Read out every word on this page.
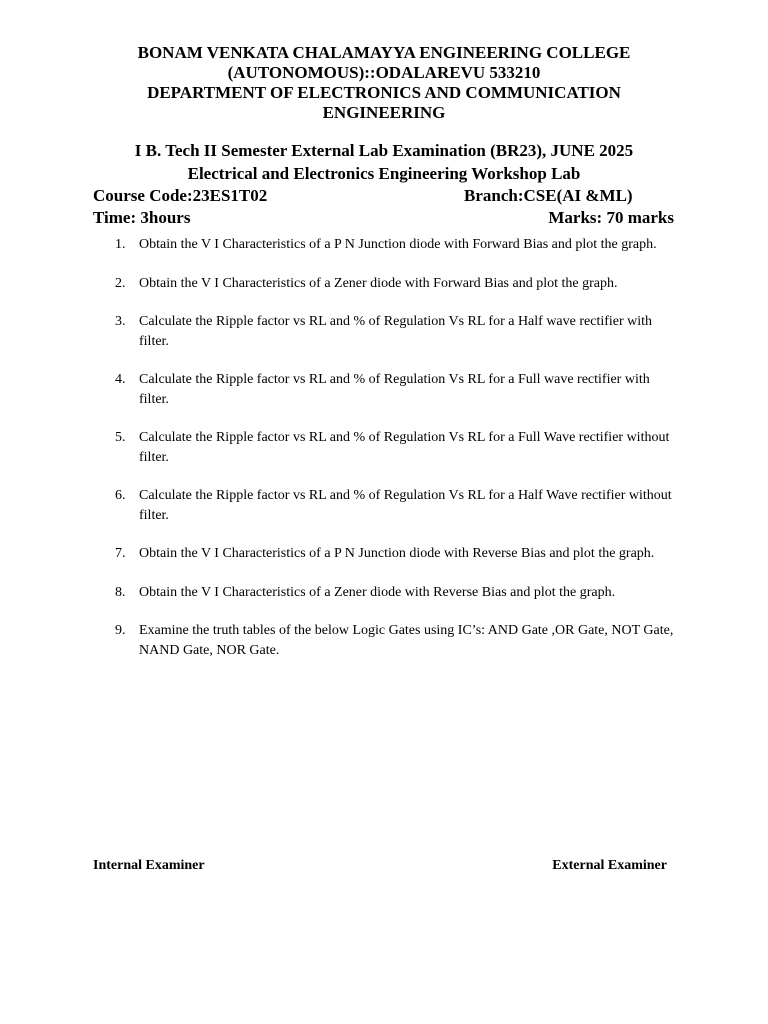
BONAM VENKATA CHALAMAYYA ENGINEERING COLLEGE
(AUTONOMOUS)::ODALAREVU 533210
DEPARTMENT OF ELECTRONICS AND COMMUNICATION
ENGINEERING
I B. Tech II Semester External Lab Examination (BR23), JUNE 2025
Electrical and Electronics Engineering Workshop Lab
Course Code:23ES1T02	Branch:CSE(AI &ML)
Time: 3hours	Marks: 70 marks
1. Obtain the V I Characteristics of a P N Junction diode with Forward Bias and plot the graph.
2. Obtain the V I Characteristics of a Zener diode with Forward Bias and plot the graph.
3. Calculate the Ripple factor vs RL and % of Regulation Vs RL for a Half wave rectifier with filter.
4. Calculate the Ripple factor vs RL and % of Regulation Vs RL for a Full wave rectifier with filter.
5. Calculate the Ripple factor vs RL and % of Regulation Vs RL for a Full Wave rectifier without filter.
6. Calculate the Ripple factor vs RL and % of Regulation Vs RL for a Half Wave rectifier without filter.
7. Obtain the V I Characteristics of a P N Junction diode with Reverse Bias and plot the graph.
8. Obtain the V I Characteristics of a Zener diode with Reverse Bias and plot the graph.
9. Examine the truth tables of the below Logic Gates using IC’s: AND Gate ,OR Gate, NOT Gate, NAND Gate, NOR Gate.
Internal Examiner	External Examiner
